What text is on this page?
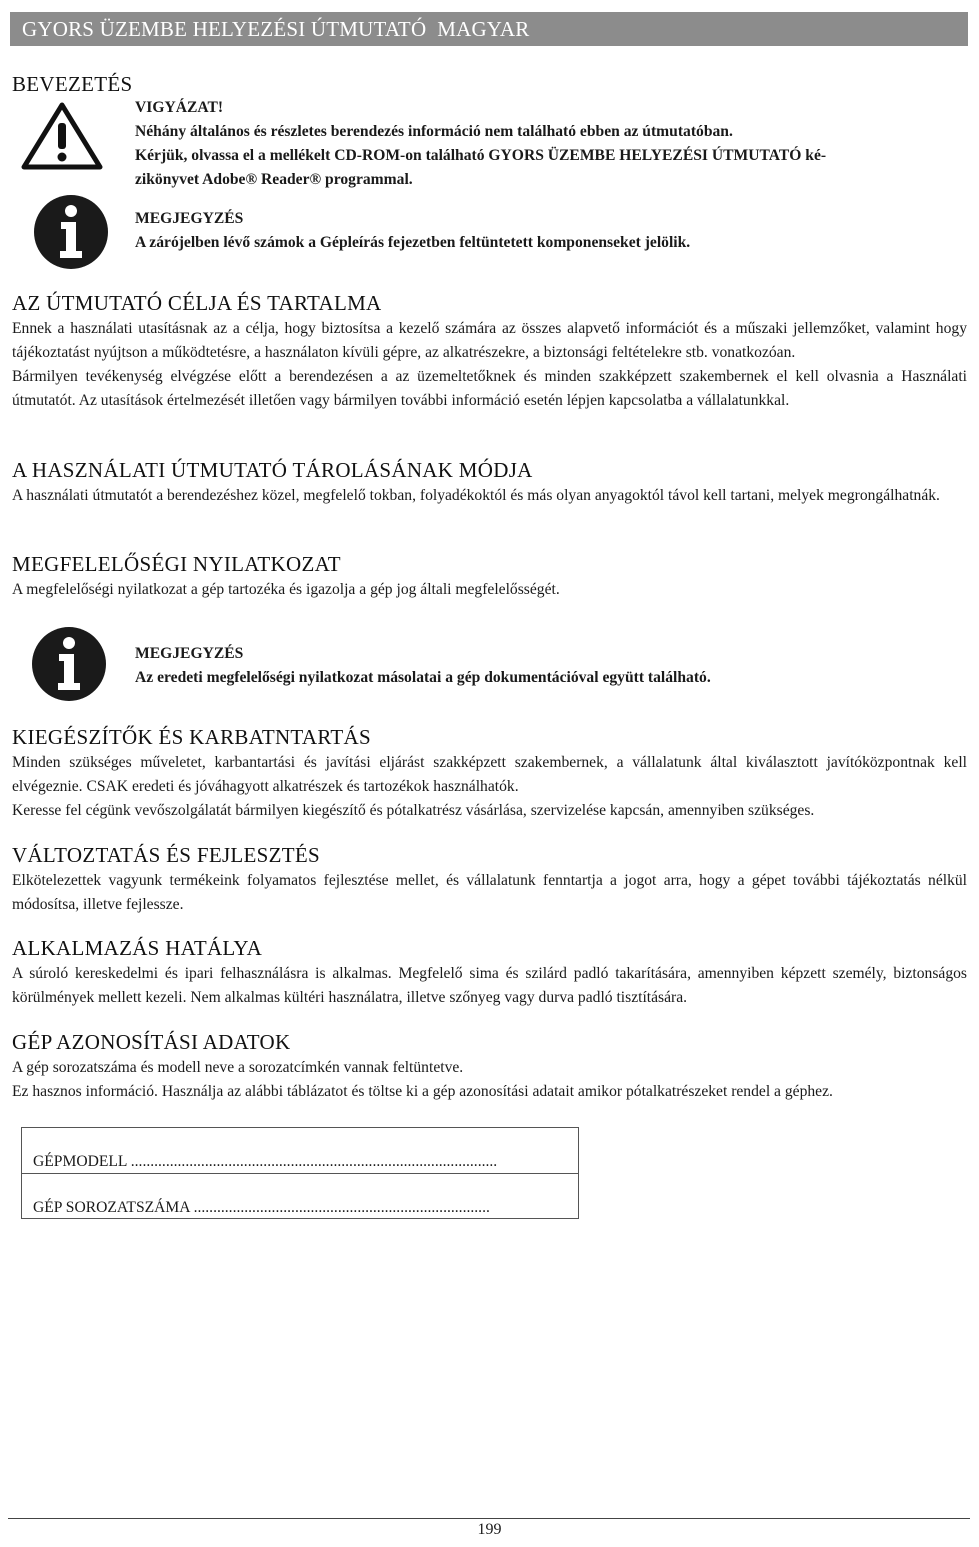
GYORS ÜZEMBE HELYEZÉSI ÚTMUTATÓ  MAGYAR
BEVEZETÉS
VIGYÁZAT!
Néhány általános és részletes berendezés információ nem található ebben az útmutatóban.
Kérjük, olvassa el a mellékelt CD-ROM-on található GYORS ÜZEMBE HELYEZÉSI ÚTMUTATÓ ké-
zikönyvet Adobe® Reader® programmal.
MEGJEGYZÉS
A zárójelben lévő számok a Gépleírás fejezetben feltüntetett komponenseket jelölik.
AZ ÚTMUTATÓ CÉLJA ÉS TARTALMA

Ennek a használati utasításnak az a célja, hogy biztosítsa a kezelő számára az összes alapvető információt és a műszaki jellemzőket, valamint hogy tájékoztatást nyújtson a működtetésre, a használaton kívüli gépre, az alkatrészekre, a biztonsági feltételekre stb. vonatkozóan.

Bármilyen tevékenység elvégzése előtt a berendezésen a az üzemeltetőknek és minden szakképzett szakembernek el kell olvasnia a Használati útmutatót. Az utasítások értelmezését illetően vagy bármilyen további információ esetén lépjen kapcsolatba a vállalatunkkal.

A HASZNÁLATI ÚTMUTATÓ TÁROLÁSÁNAK MÓDJA

A használati útmutatót a berendezéshez közel, megfelelő tokban, folyadékoktól és más olyan anyagoktól távol kell tartani, melyek megrongálhatnák.

MEGFELELŐSÉGI NYILATKOZAT

A megfelelőségi nyilatkozat a gép tartozéka és igazolja a gép jog általi megfelelősségét.

MEGJEGYZÉS
Az eredeti megfelelőségi nyilatkozat másolatai a gép dokumentációval együtt található.
KIEGÉSZÍTŐK ÉS KARBATNTARTÁS

Minden szükséges műveletet, karbantartási és javítási eljárást szakképzett szakembernek, a vállalatunk által kiválasztott javítóközpontnak kell elvégeznie. CSAK eredeti és jóváhagyott alkatrészek és tartozékok használhatók.

Keresse fel cégünk vevőszolgálatát bármilyen kiegészítő és pótalkatrész vásárlása, szervizelése kapcsán, amennyiben szükséges.

VÁLTOZTATÁS ÉS FEJLESZTÉS

Elkötelezettek vagyunk termékeink folyamatos fejlesztése mellet, és vállalatunk fenntartja a jogot arra, hogy a gépet további tájékoztatás nélkül módosítsa, illetve fejlessze.

ALKALMAZÁS HATÁLYA

A súroló kereskedelmi és ipari felhasználásra is alkalmas. Megfelelő sima és szilárd padló takarítására, amennyiben képzett személy, biztonságos körülmények mellett kezeli. Nem alkalmas kültéri használatra, illetve szőnyeg vagy durva padló tisztítására.

GÉP AZONOSÍTÁSI ADATOK

A gép sorozatszáma és modell neve a sorozatcímkén vannak feltüntetve.

Ez hasznos információ. Használja az alábbi táblázatot és töltse ki a gép azonosítási adatait amikor pótalkatrészeket rendel a géphez.

GÉPMODELL ..............................................................................................
GÉP SOROZATSZÁMA ............................................................................
199
